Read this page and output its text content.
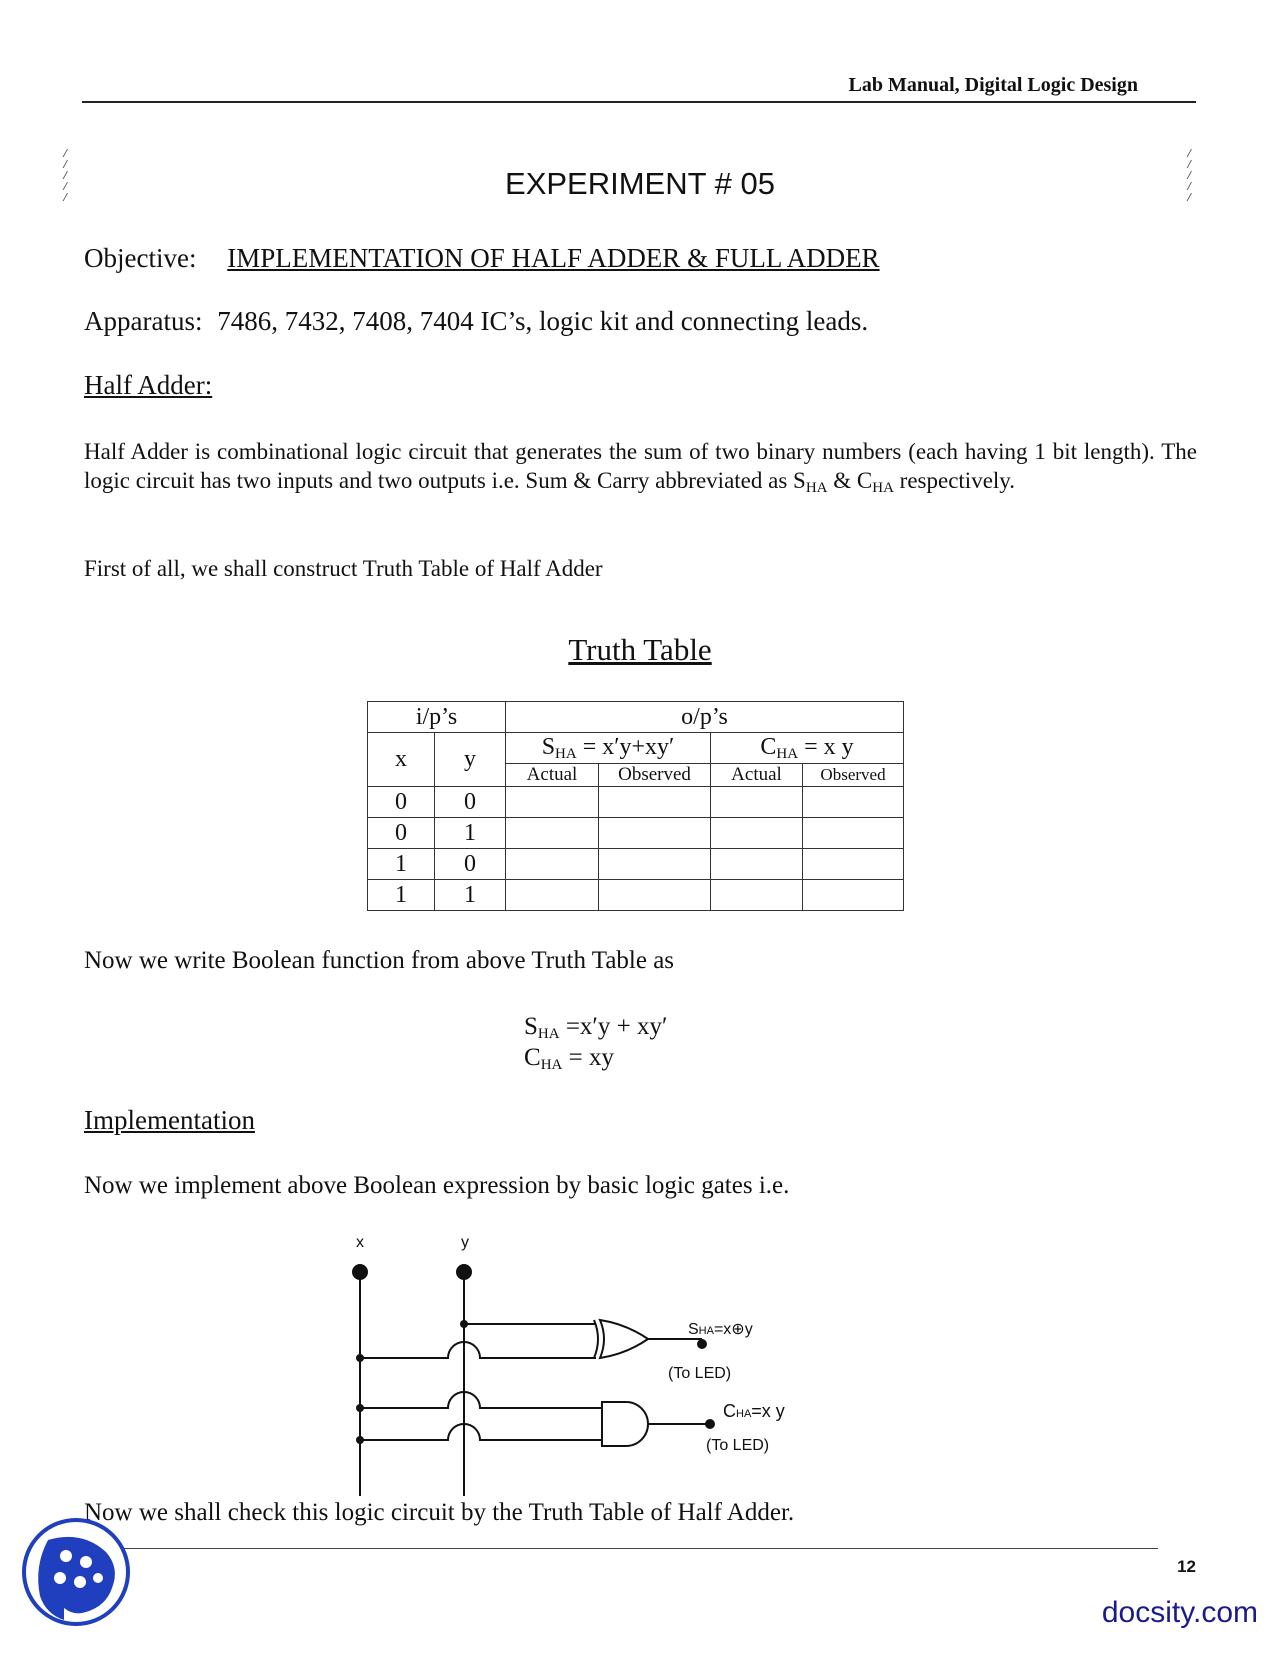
Lab Manual, Digital Logic Design
/
/
/
/
/
/
/
/
/
/
EXPERIMENT # 05
Objective: IMPLEMENTATION OF HALF ADDER & FULL ADDER
Apparatus: 7486, 7432, 7408, 7404 IC’s, logic kit and connecting leads.
Half Adder:
Half Adder is combinational logic circuit that generates the sum of two binary numbers (each having 1 bit length). The logic circuit has two inputs and two outputs i.e. Sum & Carry abbreviated as $S_{HA}$ & $C_{HA}$ respectively.
First of all, we shall construct Truth Table of Half Adder
Truth Table
i/p’s		o/p’s			
x	y	$S_{HA} = x'y+xy'$		$C_{HA} = x$ y	
		Actual	Observed	Actual	Observed
0	0				
0	1				
1	0				
1	1				
Now we write Boolean function from above Truth Table as
$S_{HA} =x'y + xy'$
$C_{HA}$ = xy
Implementation
Now we implement above Boolean expression by basic logic gates i.e.
x	y
SHA=x⊕y
(To LED)
CHA=x y
(To LED)
Now we shall check this logic circuit by the Truth Table of Half Adder.
12
docsity.com
